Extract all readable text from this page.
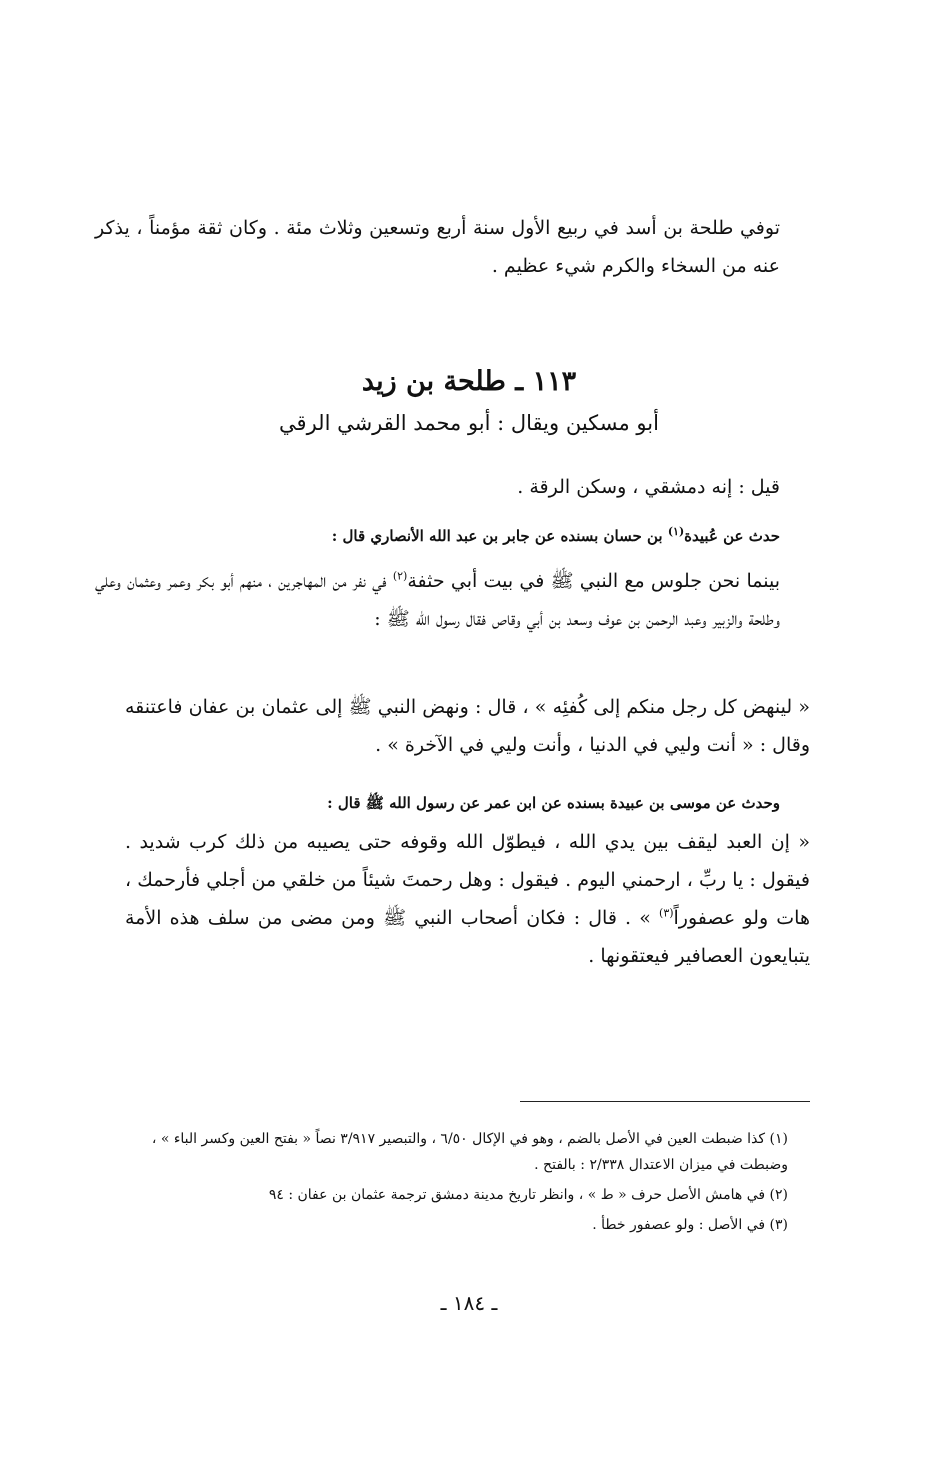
توفي طلحة بن أسد في ربيع الأول سنة أربع وتسعين وثلاث مئة . وكان ثقة مؤمناً ، يذكر عنه من السخاء والكرم شيء عظيم .
١١٣ ـ طلحة بن زيد
أبو مسكين ويقال : أبو محمد القرشي الرقي
قيل : إنه دمشقي ، وسكن الرقة .
حدث عن عُبيدة$^{(١)}$ بن حسان بسنده عن جابر بن عبد الله الأنصاري قال :
بينما نحن جلوس مع النبي ﷺ في بيت أبي حثفة$^{(٢)}$ في نفر من المهاجرين ، منهم أبو بكر وعمر وعثمان وعلي وطلحة والزبير وعبد الرحمن بن عوف وسعد بن أبي وقاص فقال رسول الله ﷺ :
« لينهض كل رجل منكم إلى كُفئِه » ، قال : ونهض النبي ﷺ إلى عثمان بن عفان فاعتنقه وقال : « أنت وليي في الدنيا ، وأنت وليي في الآخرة » .
وحدث عن موسى بن عبيدة بسنده عن ابن عمر عن رسول الله ﷺ قال :
« إن العبد ليقف بين يدي الله ، فيطوّل الله وقوفه حتى يصيبه من ذلك كرب شديد . فيقول : يا ربِّ ، ارحمني اليوم . فيقول : وهل رحمتَ شيئاً من خلقي من أجلي فأرحمك ، هات ولو عصفوراً$^{(٣)}$ » . قال : فكان أصحاب النبي ﷺ ومن مضى من سلف هذه الأمة يتبايعون العصافير فيعتقونها .

(١) كذا ضبطت العين في الأصل بالضم ، وهو في الإكال ٦/٥٠ ، والتبصير ٣/٩١٧ نصاً « بفتح العين وكسر الباء » ، وضبطت في ميزان الاعتدال ٢/٣٣٨ : بالفتح .

(٢) في هامش الأصل حرف « ط » ، وانظر تاريخ مدينة دمشق ترجمة عثمان بن عفان : ٩٤

(٣) في الأصل : ولو عصفور خطأ .

ـ ١٨٤ ـ
